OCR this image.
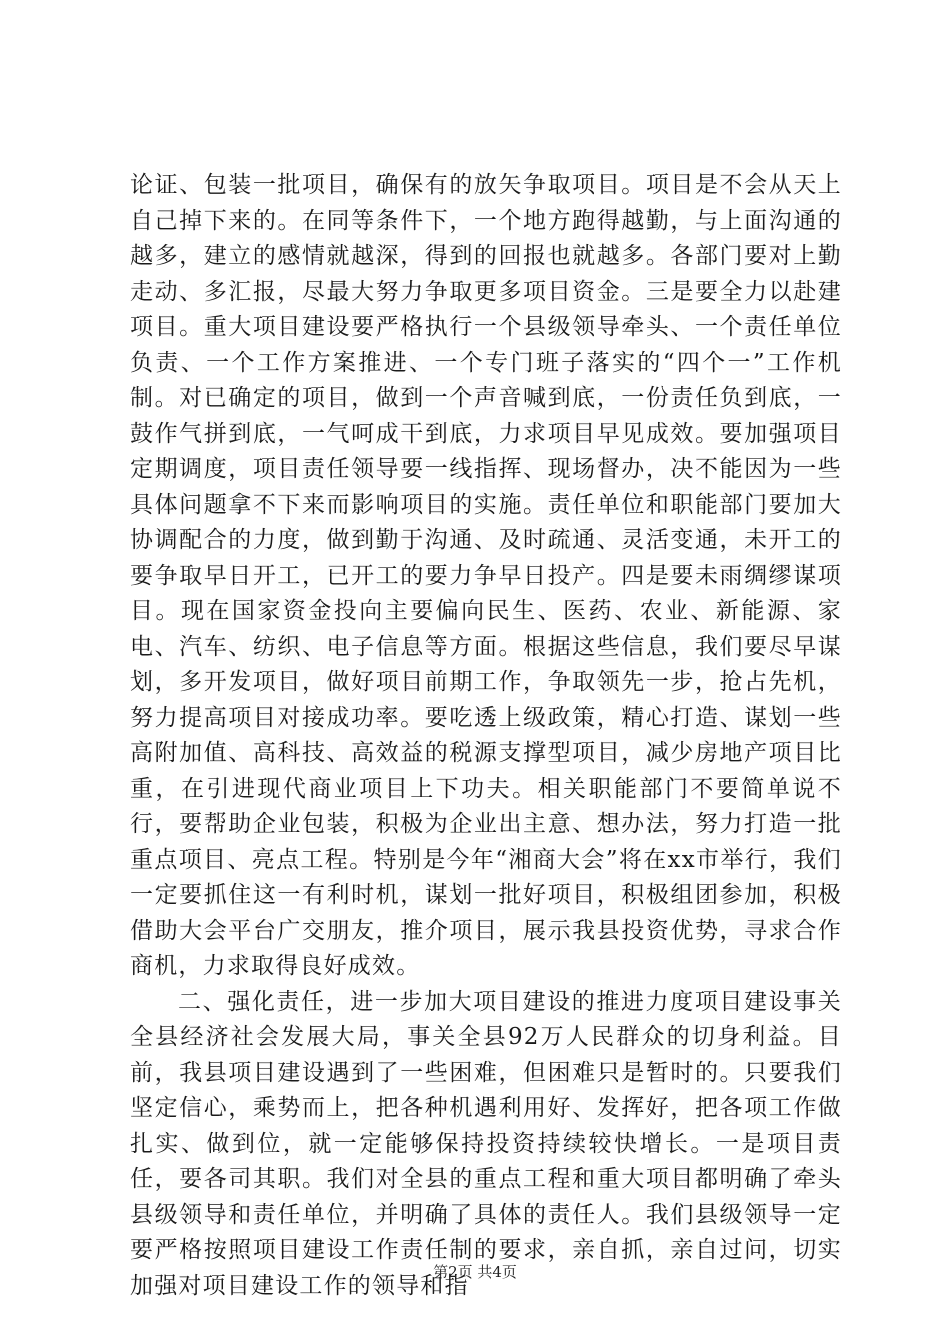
论证、包装一批项目，确保有的放矢争取项目。项目是不会从天上自己掉下来的。在同等条件下，一个地方跑得越勤，与上面沟通的越多，建立的感情就越深，得到的回报也就越多。各部门要对上勤走动、多汇报，尽最大努力争取更多项目资金。三是要全力以赴建项目。重大项目建设要严格执行一个县级领导牵头、一个责任单位负责、一个工作方案推进、一个专门班子落实的“四个一”工作机制。对已确定的项目，做到一个声音喊到底，一份责任负到底，一鼓作气拼到底，一气呵成干到底，力求项目早见成效。要加强项目定期调度，项目责任领导要一线指挥、现场督办，决不能因为一些具体问题拿不下来而影响项目的实施。责任单位和职能部门要加大协调配合的力度，做到勤于沟通、及时疏通、灵活变通，未开工的要争取早日开工，已开工的要力争早日投产。四是要未雨绸缪谋项目。现在国家资金投向主要偏向民生、医药、农业、新能源、家电、汽车、纺织、电子信息等方面。根据这些信息，我们要尽早谋划，多开发项目，做好项目前期工作，争取领先一步，抢占先机，努力提高项目对接成功率。要吃透上级政策，精心打造、谋划一些高附加值、高科技、高效益的税源支撑型项目，减少房地产项目比重，在引进现代商业项目上下功夫。相关职能部门不要简单说不行，要帮助企业包装，积极为企业出主意、想办法，努力打造一批重点项目、亮点工程。特别是今年“湘商大会”将在xx市举行，我们一定要抓住这一有利时机，谋划一批好项目，积极组团参加，积极借助大会平台广交朋友，推介项目，展示我县投资优势，寻求合作商机，力求取得良好成效。

二、强化责任，进一步加大项目建设的推进力度项目建设事关全县经济社会发展大局，事关全县92万人民群众的切身利益。目前，我县项目建设遇到了一些困难，但困难只是暂时的。只要我们坚定信心，乘势而上，把各种机遇利用好、发挥好，把各项工作做扎实、做到位，就一定能够保持投资持续较快增长。一是项目责任，要各司其职。我们对全县的重点工程和重大项目都明确了牵头县级领导和责任单位，并明确了具体的责任人。我们县级领导一定要严格按照项目建设工作责任制的要求，亲自抓，亲自过问，切实加强对项目建设工作的领导和指

第2页 共4页
